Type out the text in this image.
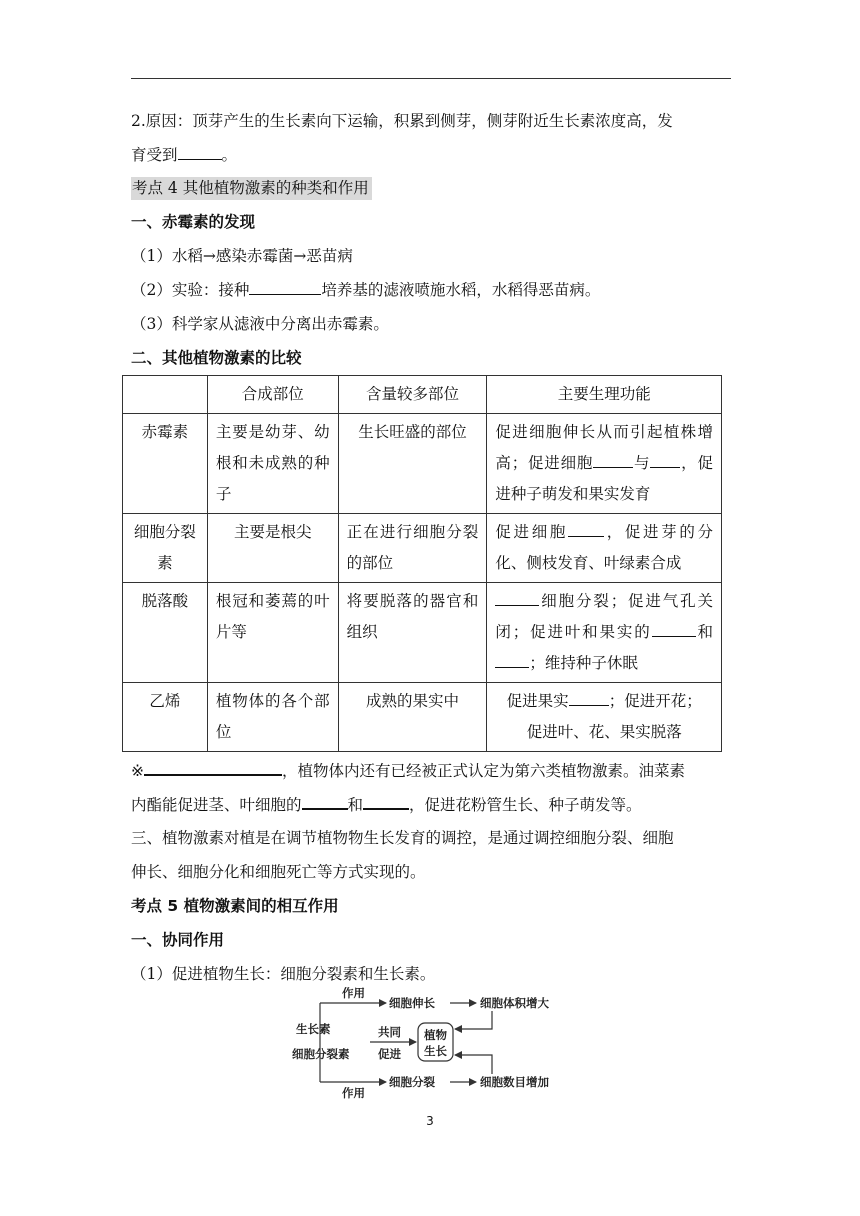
2.原因：顶芽产生的生长素向下运输，积累到侧芽，侧芽附近生长素浓度高，发
育受到	。
考点 4 其他植物激素的种类和作用
一、赤霉素的发现
（1）水稻→感染赤霉菌→恶苗病
（2）实验：接种	培养基的滤液喷施水稻，水稻得恶苗病。
（3）科学家从滤液中分离出赤霉素。
二、其他植物激素的比较
	合成部位	含量较多部位	主要生理功能
赤霉素	主要是幼芽、幼根和未成熟的种子	生长旺盛的部位	促进细胞伸长从而引起植株增高；促进细胞 与 ，促进种子萌发和果实发育
细胞分裂素	主要是根尖	正在进行细胞分裂的部位	促进细胞 ，促进芽的分化、侧枝发育、叶绿素合成
脱落酸	根冠和萎蔫的叶片等	将要脱落的器官和组织	细胞分裂；促进气孔关闭；促进叶和果实的 和；维持种子休眠
乙烯	植物体的各个部位	成熟的果实中	促进果实 ；促进开花；
促进叶、花、果实脱落
※	，植物体内还有已经被正式认定为第六类植物激素。油菜素
内酯能促进茎、叶细胞的	和	，促进花粉管生长、种子萌发等。
三、植物激素对植是在调节植物物生长发育的调控，是通过调控细胞分裂、细胞
伸长、细胞分化和细胞死亡等方式实现的。
考点 5 植物激素间的相互作用
一、协同作用
（1）促进植物生长：细胞分裂素和生长素。
作用
细胞伸长	细胞体积增大
生长素
细胞分裂素
共同
促进
植物
生长
细胞分裂	细胞数目增加
作用
3
